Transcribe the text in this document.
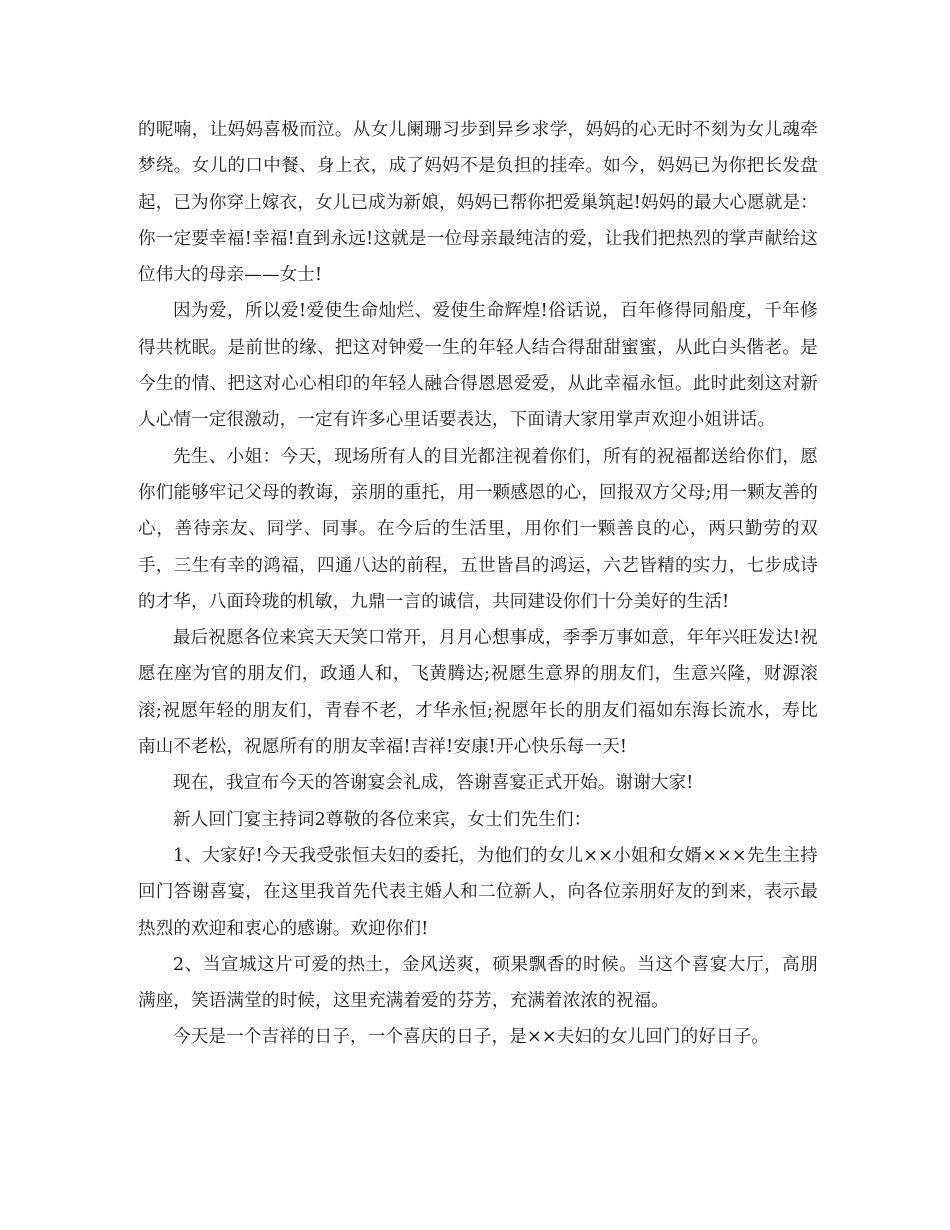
的呢喃，让妈妈喜极而泣。从女儿阑珊习步到异乡求学，妈妈的心无时不刻为女儿魂牵梦绕。女儿的口中餐、身上衣，成了妈妈不是负担的挂牵。如今，妈妈已为你把长发盘起，已为你穿上嫁衣，女儿已成为新娘，妈妈已帮你把爱巢筑起!妈妈的最大心愿就是：你一定要幸福!幸福!直到永远!这就是一位母亲最纯洁的爱，让我们把热烈的掌声献给这位伟大的母亲——女士!

因为爱，所以爱!爱使生命灿烂、爱使生命辉煌!俗话说，百年修得同船度，千年修得共枕眠。是前世的缘、把这对钟爱一生的年轻人结合得甜甜蜜蜜，从此白头偕老。是今生的情、把这对心心相印的年轻人融合得恩恩爱爱，从此幸福永恒。此时此刻这对新人心情一定很激动，一定有许多心里话要表达，下面请大家用掌声欢迎小姐讲话。

先生、小姐：今天，现场所有人的目光都注视着你们，所有的祝福都送给你们，愿你们能够牢记父母的教诲，亲朋的重托，用一颗感恩的心，回报双方父母;用一颗友善的心，善待亲友、同学、同事。在今后的生活里，用你们一颗善良的心，两只勤劳的双手，三生有幸的鸿福，四通八达的前程，五世皆昌的鸿运，六艺皆精的实力，七步成诗的才华，八面玲珑的机敏，九鼎一言的诚信，共同建设你们十分美好的生活!

最后祝愿各位来宾天天笑口常开，月月心想事成，季季万事如意，年年兴旺发达!祝愿在座为官的朋友们，政通人和，飞黄腾达;祝愿生意界的朋友们，生意兴隆，财源滚滚;祝愿年轻的朋友们，青春不老，才华永恒;祝愿年长的朋友们福如东海长流水，寿比南山不老松，祝愿所有的朋友幸福!吉祥!安康!开心快乐每一天!

现在，我宣布今天的答谢宴会礼成，答谢喜宴正式开始。谢谢大家!

新人回门宴主持词2尊敬的各位来宾，女士们先生们：

1、大家好!今天我受张恒夫妇的委托，为他们的女儿××小姐和女婿×××先生主持回门答谢喜宴，在这里我首先代表主婚人和二位新人，向各位亲朋好友的到来，表示最热烈的欢迎和衷心的感谢。欢迎你们!

2、当宣城这片可爱的热土，金风送爽，硕果飘香的时候。当这个喜宴大厅，高朋满座，笑语满堂的时候，这里充满着爱的芬芳，充满着浓浓的祝福。

今天是一个吉祥的日子，一个喜庆的日子，是××夫妇的女儿回门的好日子。
